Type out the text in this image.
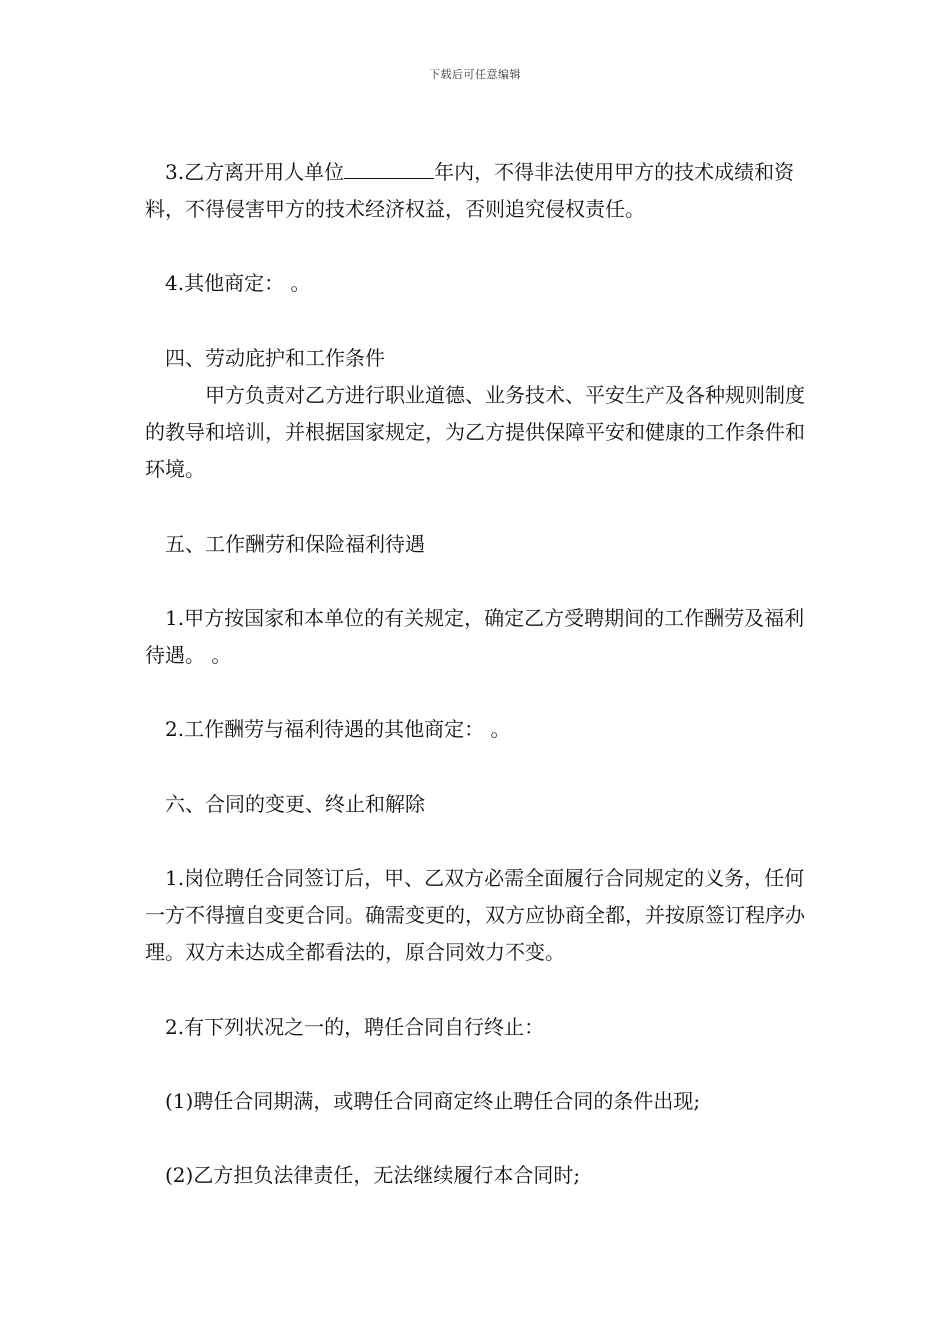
下载后可任意编辑

3.乙方离开用人单位	年内，不得非法使用甲方的技术成绩和资料，不得侵害甲方的技术经济权益，否则追究侵权责任。

4.其他商定： 。

四、劳动庇护和工作条件

甲方负责对乙方进行职业道德、业务技术、平安生产及各种规则制度的教导和培训，并根据国家规定，为乙方提供保障平安和健康的工作条件和环境。

五、工作酬劳和保险福利待遇

1.甲方按国家和本单位的有关规定，确定乙方受聘期间的工作酬劳及福利待遇。 。

2.工作酬劳与福利待遇的其他商定： 。

六、合同的变更、终止和解除

1.岗位聘任合同签订后，甲、乙双方必需全面履行合同规定的义务，任何一方不得擅自变更合同。确需变更的，双方应协商全都，并按原签订程序办理。双方未达成全都看法的，原合同效力不变。

2.有下列状况之一的，聘任合同自行终止：

(1)聘任合同期满，或聘任合同商定终止聘任合同的条件出现;

(2)乙方担负法律责任，无法继续履行本合同时;
